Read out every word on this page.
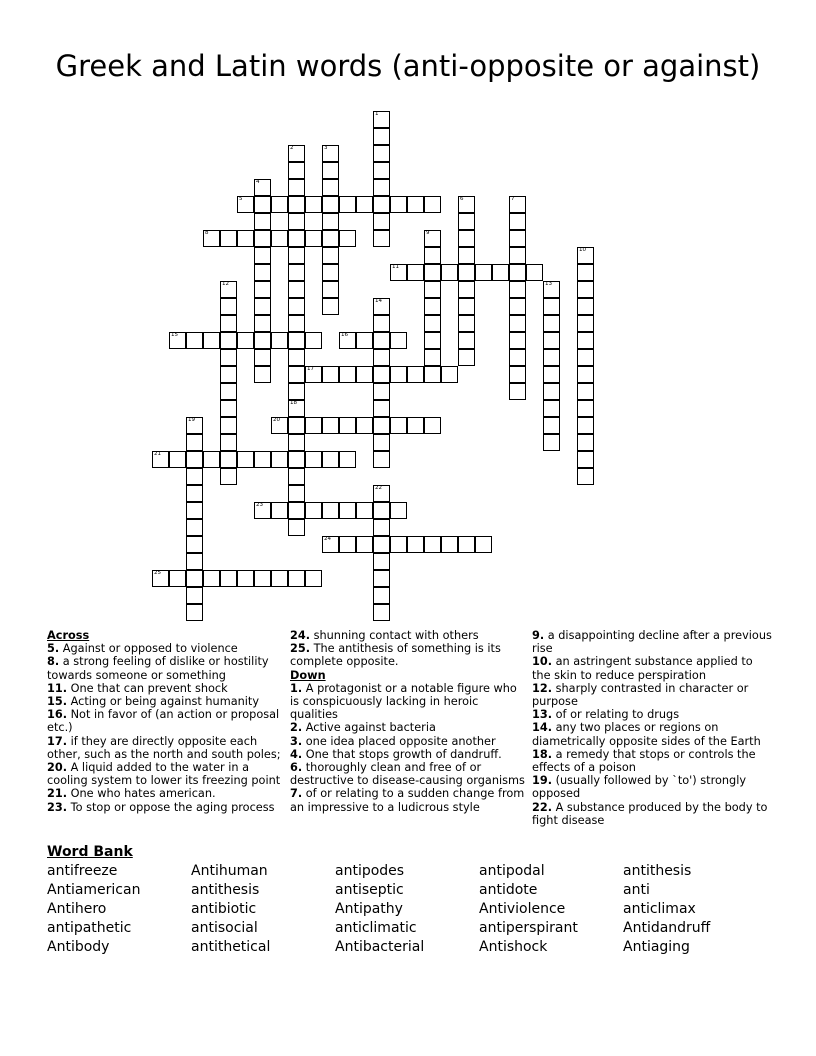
Greek and Latin words (anti-opposite or against)
1
2
18
3
4
5	6	7
8	9
10
11
12	13
14
15	16
17
19	20
21
22
23
24
25
Across

5. Against or opposed to violence

8. a strong feeling of dislike or hostility towards someone or something

11. One that can prevent shock

15. Acting or being against humanity

16. Not in favor of (an action or proposal etc.)

17. if they are directly opposite each other, such as the north and south poles;

20. A liquid added to the water in a cooling system to lower its freezing point

21. One who hates american.

23. To stop or oppose the aging process

24. shunning contact with others

25. The antithesis of something is its complete opposite.

Down

1. A protagonist or a notable figure who is conspicuously lacking in heroic qualities

2. Active against bacteria

3. one idea placed opposite another

4. One that stops growth of dandruff.

6. thoroughly clean and free of or destructive to disease-causing organisms

7. of or relating to a sudden change from an impressive to a ludicrous style

9. a disappointing decline after a previous rise

10. an astringent substance applied to the skin to reduce perspiration

12. sharply contrasted in character or purpose

13. of or relating to drugs

14. any two places or regions on diametrically opposite sides of the Earth

18. a remedy that stops or controls the effects of a poison

19. (usually followed by `to') strongly opposed

22. A substance produced by the body to fight disease

Word Bank
antifreeze	Antihuman	antipodes	antipodal	antithesis
Antiamerican	antithesis	antiseptic	antidote	anti
Antihero	antibiotic	Antipathy	Antiviolence	anticlimax
antipathetic	antisocial	anticlimatic	antiperspirant	Antidandruff
Antibody	antithetical	Antibacterial	Antishock	Antiaging
